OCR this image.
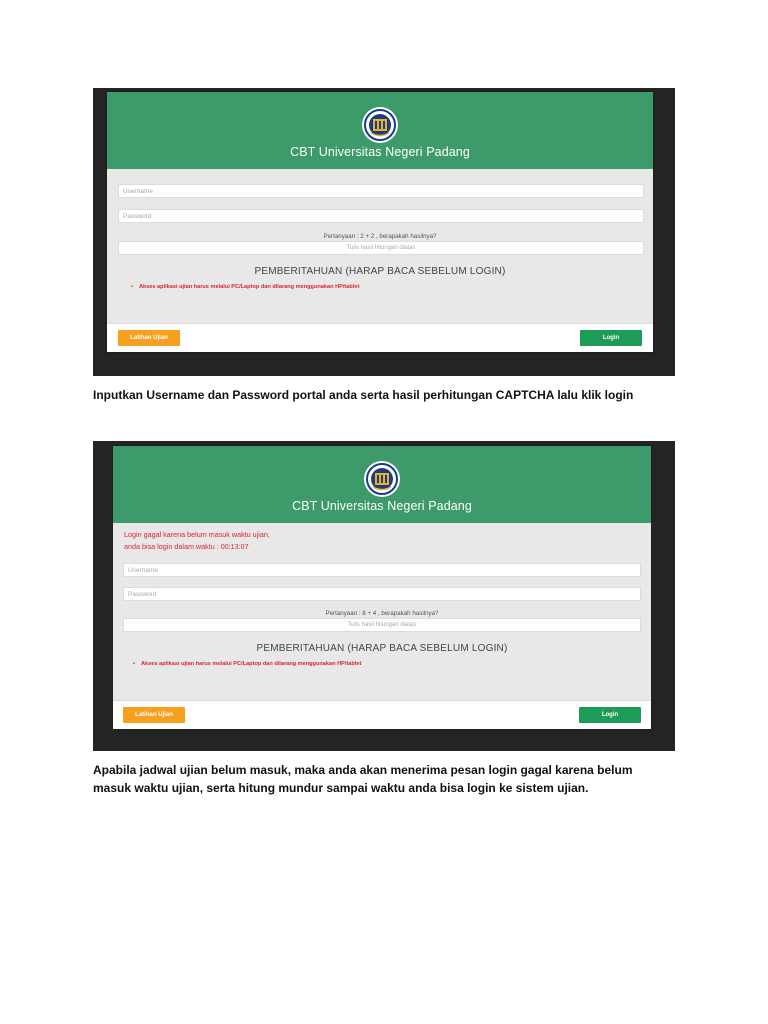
CBT Universitas Negeri Padang
Username
Password
Pertanyaan : 2 + 2 , berapakah hasilnya?
Tulis hasil hitungan diatas
PEMBERITAHUAN (HARAP BACA SEBELUM LOGIN)
• Akses aplikasi ujian harus melalui PC/Laptop dan dilarang menggunakan HP/tablet
Latihan Ujian	Login
Inputkan Username dan Password portal anda serta hasil perhitungan CAPTCHA lalu klik login
CBT Universitas Negeri Padang
Login gagal karena belum masuk waktu ujian,
anda bisa login dalam waktu : 00:13:07
Username
Password
Pertanyaan : 8 + 4 , berapakah hasilnya?
Tulis hasil hitungan diatas
PEMBERITAHUAN (HARAP BACA SEBELUM LOGIN)
• Akses aplikasi ujian harus melalui PC/Laptop dan dilarang menggunakan HP/tablet
Latihan Ujian	Login
Apabila jadwal ujian belum masuk, maka anda akan menerima pesan login gagal karena belum
masuk waktu ujian, serta hitung mundur sampai waktu anda bisa login ke sistem ujian.
